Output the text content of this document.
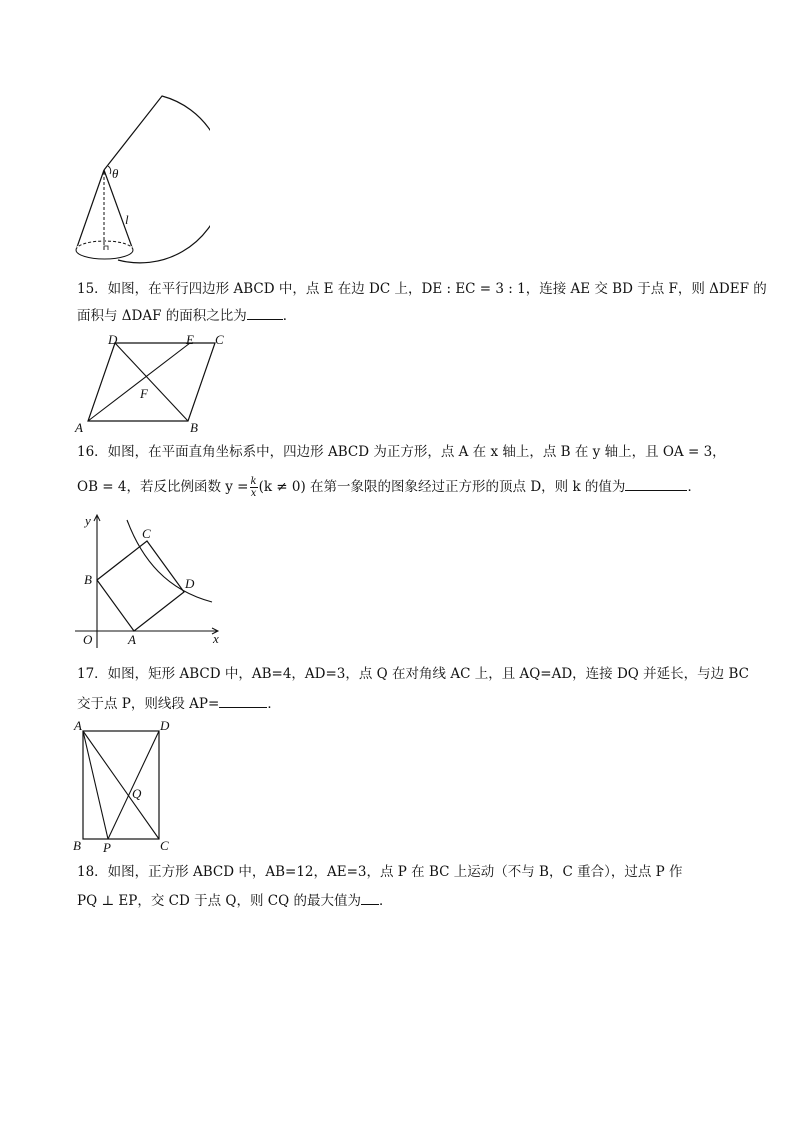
θ
l
15．如图，在平行四边形 ABCD 中，点 E 在边 DC 上，DE : EC = 3 : 1，连接 AE 交 BD 于点 F，则 ΔDEF 的
面积与 ΔDAF 的面积之比为	．
D	E C
F
A	B
16．如图，在平面直角坐标系中，四边形 ABCD 为正方形，点 A 在 x 轴上，点 B 在 y 轴上，且 OA = 3，
OB = 4，若反比例函数 $y = \frac{k}{x} (k \ne 0)$ 在第一象限的图象经过正方形的顶点 D，则 k 的值为	．
y
x
O	A
B
C
D
17．如图，矩形 ABCD 中，AB=4，AD=3，点 Q 在对角线 AC 上，且 AQ=AD，连接 DQ 并延长，与边 BC
交于点 P，则线段 AP=	．
A	D
Q
B P	C
18．如图，正方形 ABCD 中，AB=12，AE=3，点 P 在 BC 上运动（不与 B，C 重合），过点 P 作
PQ ⊥ EP，交 CD 于点 Q，则 CQ 的最大值为 ．
